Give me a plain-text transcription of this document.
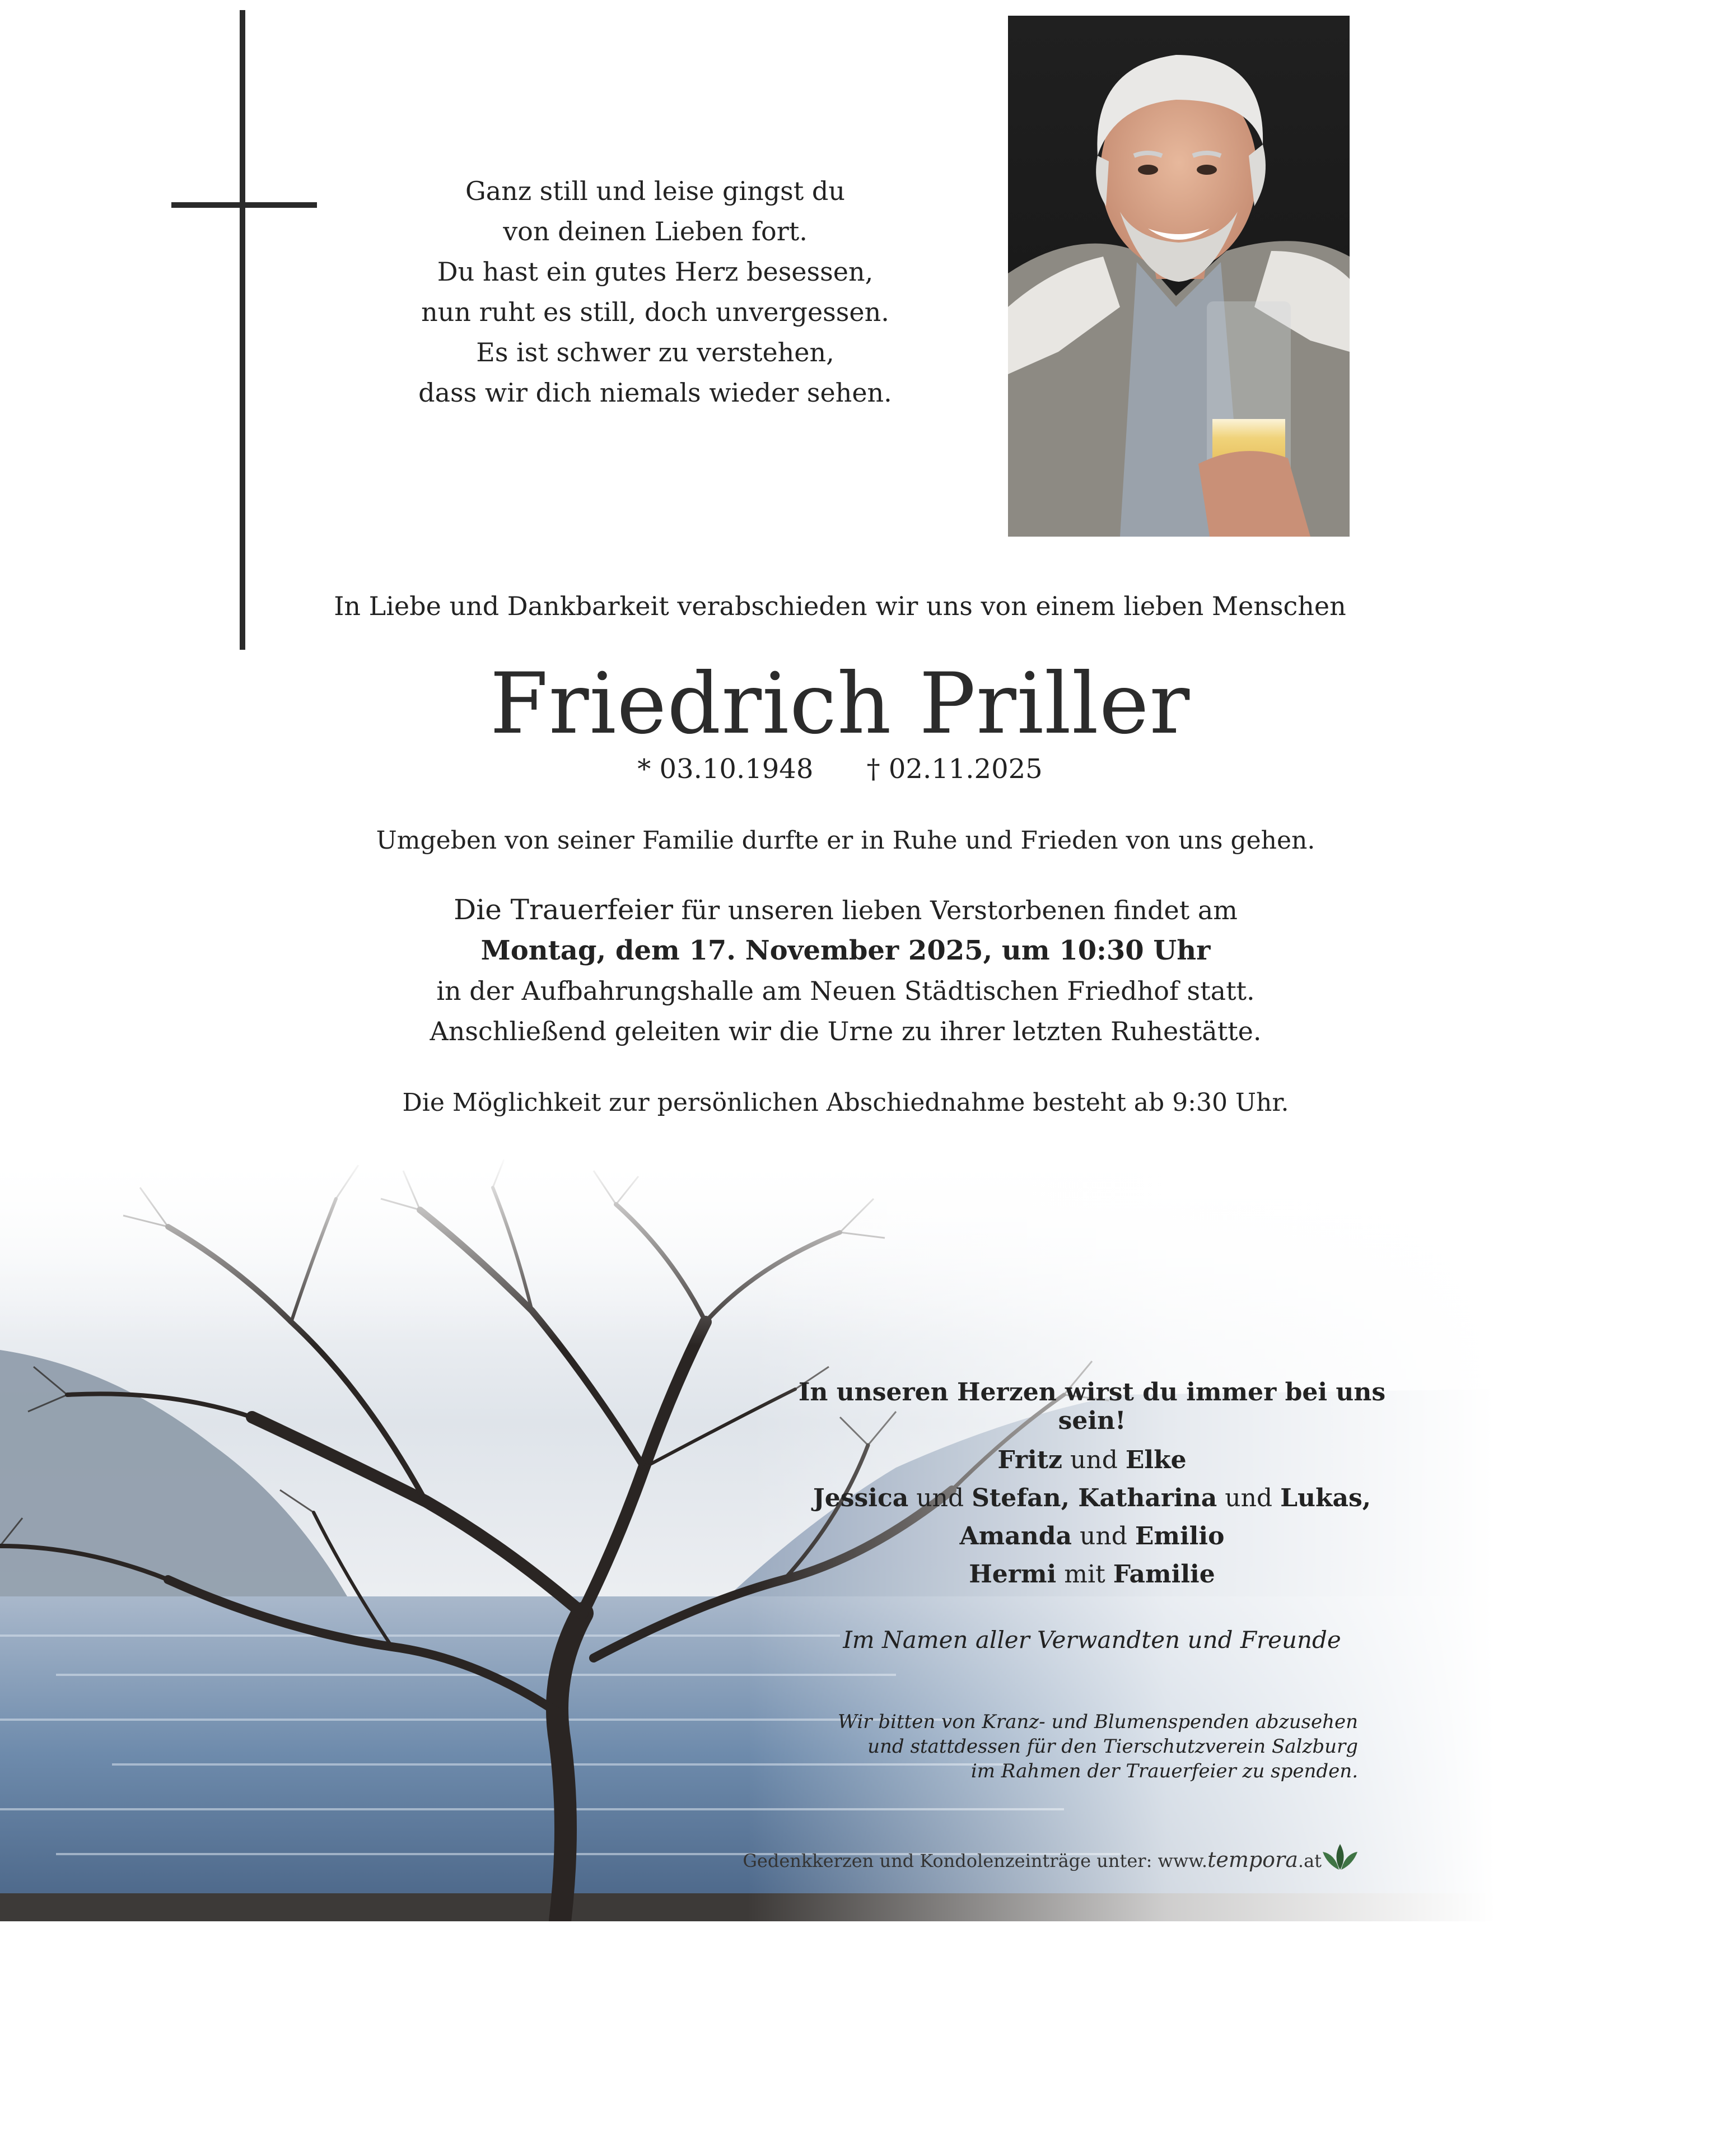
Ganz still und leise gingst du
von deinen Lieben fort.
Du hast ein gutes Herz besessen,
nun ruht es still, doch unvergessen.
Es ist schwer zu verstehen,
dass wir dich niemals wieder sehen.
In Liebe und Dankbarkeit verabschieden wir uns von einem lieben Menschen
Friedrich Priller
* 03.10.1948 † 02.11.2025
Umgeben von seiner Familie durfte er in Ruhe und Frieden von uns gehen.
Die Trauerfeier für unseren lieben Verstorbenen findet am
Montag, dem 17. November 2025, um 10:30 Uhr
in der Aufbahrungshalle am Neuen Städtischen Friedhof statt.
Anschließend geleiten wir die Urne zu ihrer letzten Ruhestätte.
Die Möglichkeit zur persönlichen Abschiednahme besteht ab 9:30 Uhr.
In unseren Herzen wirst du immer bei uns sein!
Fritz und Elke
Jessica und Stefan, Katharina und Lukas,
Amanda und Emilio
Hermi mit Familie
Im Namen aller Verwandten und Freunde
Wir bitten von Kranz- und Blumenspenden abzusehen
und stattdessen für den Tierschutzverein Salzburg
im Rahmen der Trauerfeier zu spenden.
Gedenkkerzen und Kondolenzeinträge unter: www.tempora.at
